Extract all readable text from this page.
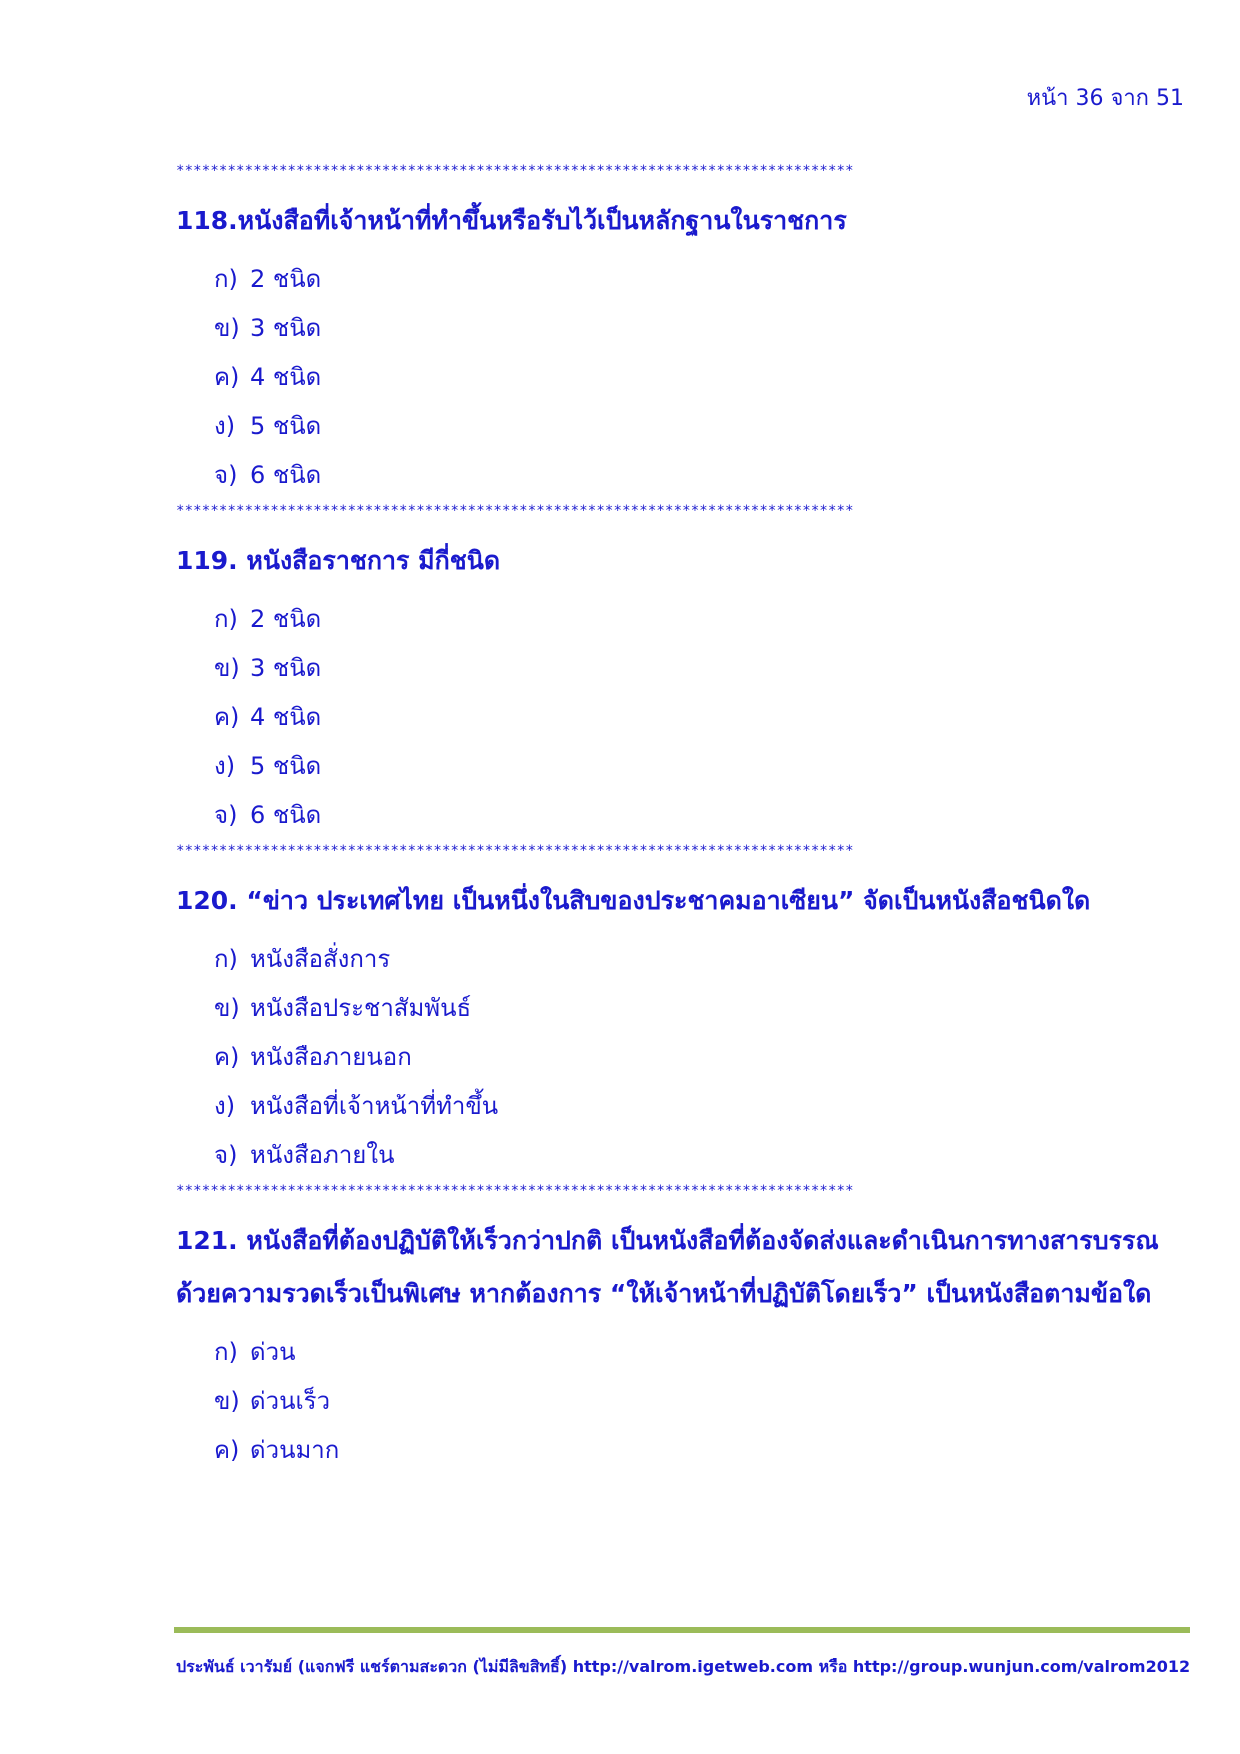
หน้า 36 จาก 51
*******************************************************************************

118.หนังสือที่เจ้าหน้าที่ทำขึ้นหรือรับไว้เป็นหลักฐานในราชการ

ก) 2 ชนิด
ข) 3 ชนิด
ค) 4 ชนิด
ง) 5 ชนิด
จ) 6 ชนิด
*******************************************************************************

119. หนังสือราชการ มีกี่ชนิด

ก) 2 ชนิด
ข) 3 ชนิด
ค) 4 ชนิด
ง) 5 ชนิด
จ) 6 ชนิด
*******************************************************************************

120. “ข่าว ประเทศไทย เป็นหนึ่งในสิบของประชาคมอาเซียน” จัดเป็นหนังสือชนิดใด

ก) หนังสือสั่งการ
ข) หนังสือประชาสัมพันธ์
ค) หนังสือภายนอก
ง) หนังสือที่เจ้าหน้าที่ทำขึ้น
จ) หนังสือภายใน
*******************************************************************************

121. หนังสือที่ต้องปฏิบัติให้เร็วกว่าปกติ เป็นหนังสือที่ต้องจัดส่งและดำเนินการทางสารบรรณด้วยความรวดเร็วเป็นพิเศษ หากต้องการ “ให้เจ้าหน้าที่ปฏิบัติโดยเร็ว” เป็นหนังสือตามข้อใด

ก) ด่วน
ข) ด่วนเร็ว
ค) ด่วนมาก
ประพันธ์ เวารัมย์ (แจกฟรี แชร์ตามสะดวก (ไม่มีลิขสิทธิ์) http://valrom.igetweb.com หรือ http://group.wunjun.com/valrom2012
